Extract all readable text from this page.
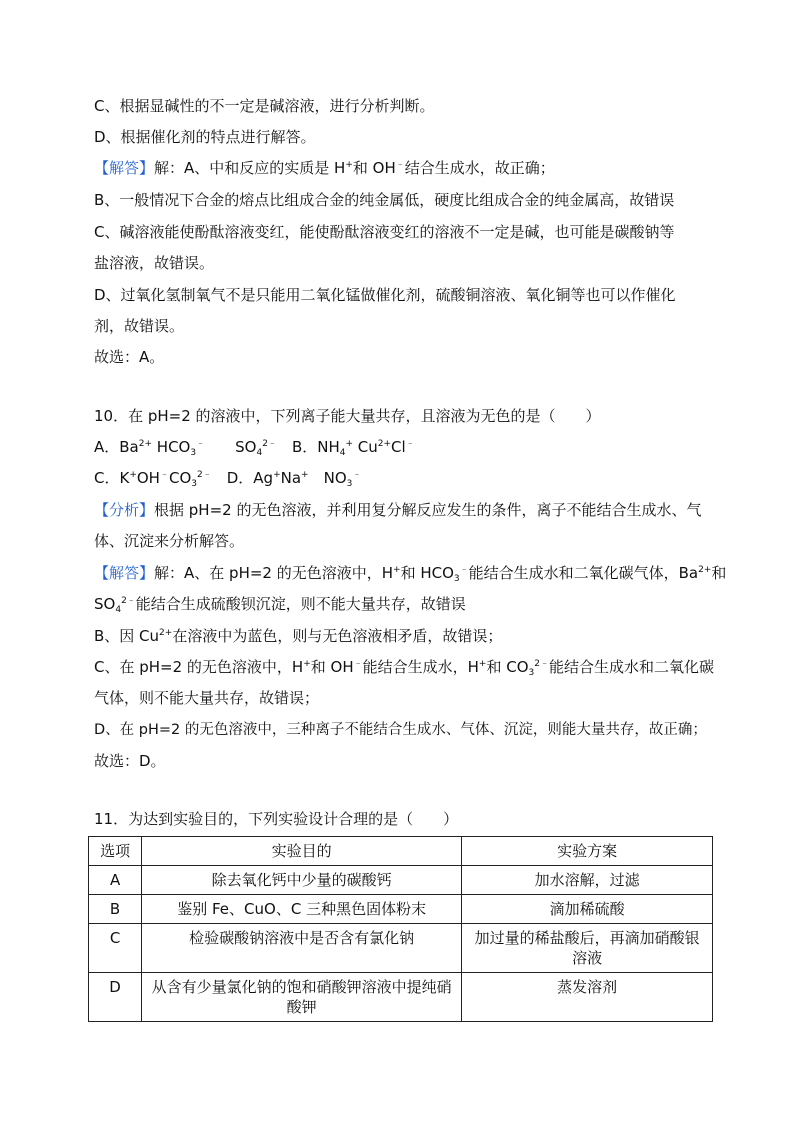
C、根据显碱性的不一定是碱溶液，进行分析判断。
D、根据催化剂的特点进行解答。
【解答】解：A、中和反应的实质是 H+和 OH﹣结合生成水，故正确；
B、一般情况下合金的熔点比组成合金的纯金属低，硬度比组成合金的纯金属高，故错误
C、碱溶液能使酚酞溶液变红，能使酚酞溶液变红的溶液不一定是碱，也可能是碳酸钠等
盐溶液，故错误。
D、过氧化氢制氧气不是只能用二氧化锰做催化剂，硫酸铜溶液、氧化铜等也可以作催化
剂，故错误。
故选：A。
10．在 pH=2 的溶液中，下列离子能大量共存，且溶液为无色的是（　　）
A．$Ba^{2+}$ $HCO_3^﹣$　　$SO_4^{2﹣}$　 B．$NH_4^+$ $Cu^{2+}Cl^﹣$
C．$K^+OH^﹣CO_3^{2﹣}$　 D．Ag+Na+　$NO_3^﹣$
【分析】根据 pH=2 的无色溶液，并利用复分解反应发生的条件，离子不能结合生成水、气
体、沉淀来分析解答。
【解答】解：A、在 pH=2 的无色溶液中，H+和 $HCO_3^﹣$能结合生成水和二氧化碳气体，$Ba^{2+}$和
$SO_4^{2﹣}$能结合生成硫酸钡沉淀，则不能大量共存，故错误
B、因 $Cu^{2+}$在溶液中为蓝色，则与无色溶液相矛盾，故错误；
C、在 pH=2 的无色溶液中，H+和 OH﹣能结合生成水，H+和 $CO_3^{2﹣}$能结合生成水和二氧化碳
气体，则不能大量共存，故错误；
D、在 pH=2 的无色溶液中，三种离子不能结合生成水、气体、沉淀，则能大量共存，故正确；
故选：D。
11．为达到实验目的，下列实验设计合理的是（　　）
选项	实验目的	实验方案
A	除去氧化钙中少量的碳酸钙	加水溶解，过滤
B	鉴别 Fe、CuO、C 三种黑色固体粉末	滴加稀硫酸
C	检验碳酸钠溶液中是否含有氯化钠	加过量的稀盐酸后，再滴加硝酸银溶液
D	从含有少量氯化钠的饱和硝酸钾溶液中提纯硝酸钾	蒸发溶剂
